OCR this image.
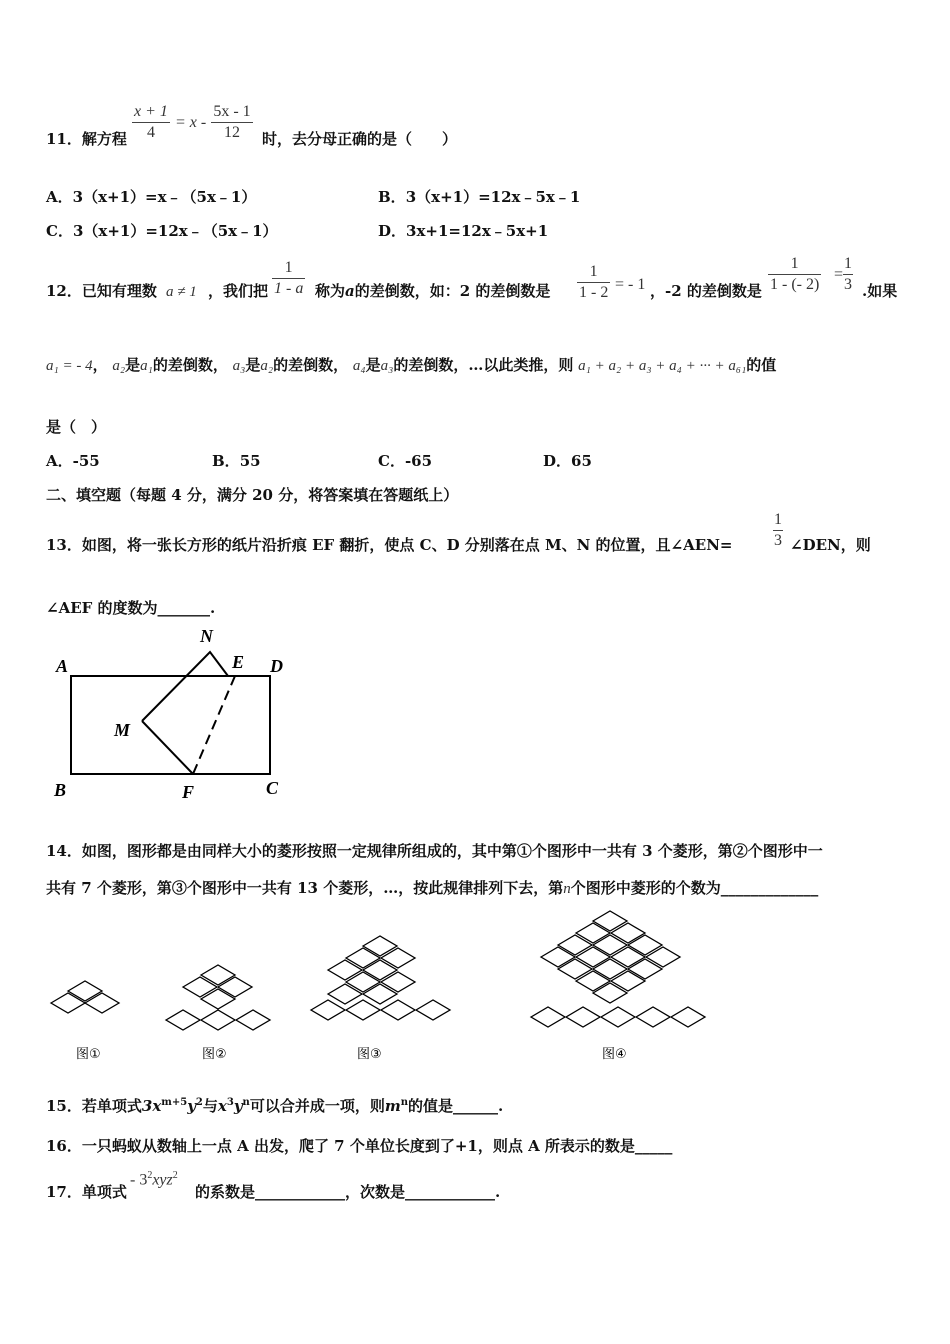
11．解方程 $\frac{x + 1}{4} = x - \frac{5x - 1}{12}$ 时，去分母正确的是（　　）
A．3（x+1）=x﹣（5x﹣1）	B．3（x+1）=12x﹣5x﹣1
C．3（x+1）=12x﹣（5x﹣1）	D．3x+1=12x﹣5x+1
12．已知有理数 a ≠ 1 ，我们把 $\frac{1}{1 - a}$ 称为a的差倒数，如：2 的差倒数是 $\frac{1}{1 - 2}$ = - 1 ，-2 的差倒数是 $\frac{1}{1 - (- 2)} = \frac{1}{3}$ .如果
a₁ = - 4， a₂是a₁的差倒数， a₃是a₂的差倒数， a₄是a₃的差倒数，…以此类推，则 a₁ + a₂ + a₃ + a₄ + ··· + a₆₁的值
是（　）
A．-55	B．55	C．-65	D．65
二、填空题（每题 4 分，满分 20 分，将答案填在答题纸上）
13．如图，将一张长方形的纸片沿折痕 EF 翻折，使点 C、D 分别落在点 M、N 的位置，且∠AEN=	$\frac{1}{3}$ ∠DEN，则
∠AEF 的度数为_______.
A	D
E
N
M
B	F	C
14．如图，图形都是由同样大小的菱形按照一定规律所组成的，其中第①个图形中一共有 3 个菱形，第②个图形中一
共有 7 个菱形，第③个图形中一共有 13 个菱形，…，按此规律排列下去，第n个图形中菱形的个数为_____________
图①	图②	图③	图④
15．若单项式$3x^{m+5}y^2$与$x^3y^n$可以合并成一项，则$m^n$的值是______.
16．一只蚂蚁从数轴上一点 A 出发，爬了 7 个单位长度到了+1，则点 A 所表示的数是_____
17．单项式
- $3^2xyz^2$
的系数是____________，次数是____________.
